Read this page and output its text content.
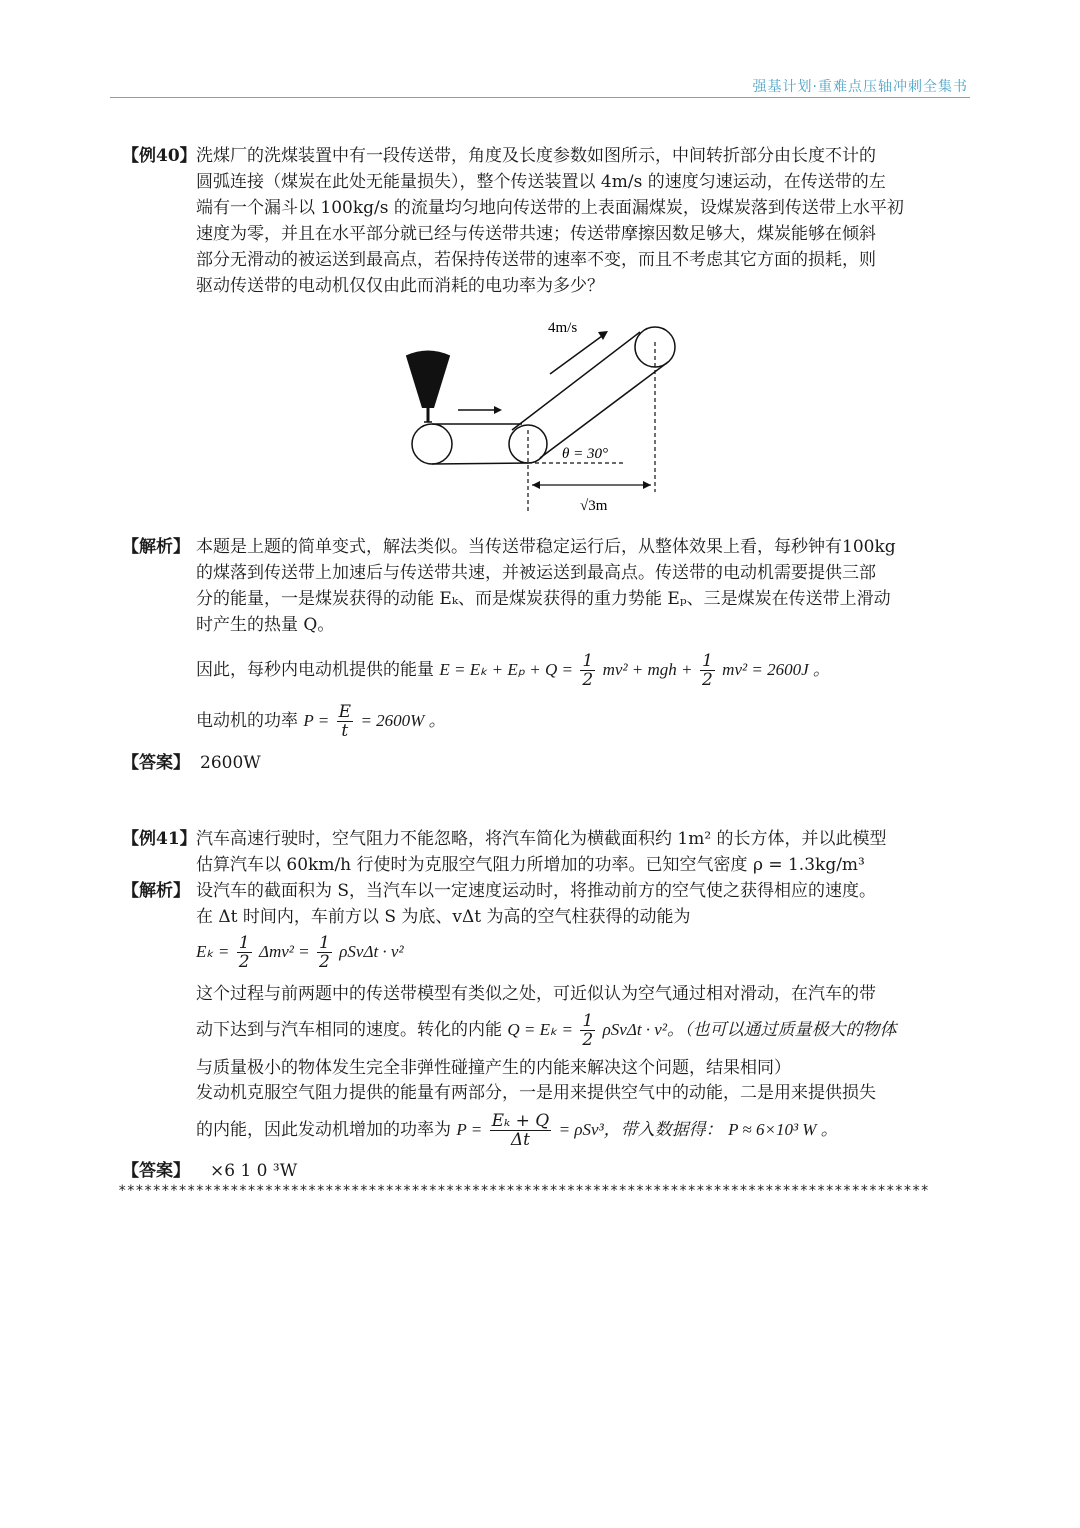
强基计划·重难点压轴冲刺全集书
【例40】 洗煤厂的洗煤装置中有一段传送带，角度及长度参数如图所示，中间转折部分由长度不计的
圆弧连接（煤炭在此处无能量损失），整个传送装置以 4m/s 的速度匀速运动，在传送带的左
端有一个漏斗以 100kg/s 的流量均匀地向传送带的上表面漏煤炭，设煤炭落到传送带上水平初
速度为零，并且在水平部分就已经与传送带共速；传送带摩擦因数足够大，煤炭能够在倾斜
部分无滑动的被运送到最高点，若保持传送带的速率不变，而且不考虑其它方面的损耗，则
驱动传送带的电动机仅仅由此而消耗的电功率为多少？
4m/s
θ = 30°
√3m
【解析】 本题是上题的简单变式，解法类似。当传送带稳定运行后，从整体效果上看，每秒钟有100kg
的煤落到传送带上加速后与传送带共速，并被运送到最高点。传送带的电动机需要提供三部
分的能量，一是煤炭获得的动能 Eₖ、而是煤炭获得的重力势能 Eₚ、三是煤炭在传送带上滑动
时产生的热量 Q。
因此，每秒内电动机提供的能量 $E = E_k + E_p + Q = \frac{1}{2} mv^2$ + mgh + $\frac{1}{2} mv^2 = 2600J$ 。
电动机的功率 $P = \frac{E}{t} = 2600W$ 。
【答案】 2600W
【例41】 汽车高速行驶时，空气阻力不能忽略，将汽车简化为横截面积约 1m² 的长方体，并以此模型
估算汽车以 60km/h 行使时为克服空气阻力所增加的功率。已知空气密度 ρ = 1.3kg/m³
【解析】 设汽车的截面积为 S，当汽车以一定速度运动时，将推动前方的空气使之获得相应的速度。
在 Δt 时间内，车前方以 S 为底、vΔt 为高的空气柱获得的动能为
$E_k = \frac{1}{2} \Delta mv^2 = \frac{1}{2}$ ρSvΔt · v²
这个过程与前两题中的传送带模型有类似之处，可近似认为空气通过相对滑动，在汽车的带
动下达到与汽车相同的速度。转化的内能 $Q = E_k = \frac{1}{2}$ ρSvΔt · v²。（也可以通过质量极大的物体
与质量极小的物体发生完全非弹性碰撞产生的内能来解决这个问题，结果相同）
发动机克服空气阻力提供的能量有两部分，一是用来提供空气中的动能，二是用来提供损失
的内能，因此发动机增加的功率为 $P = \frac{\text{Eₖ + Q}}{\Delta t} = \rho Sv^3$，带入数据得： P ≈ 6×10³ W 。
【答案】 ×6 1 0 ³W
**********************************************************************************************
